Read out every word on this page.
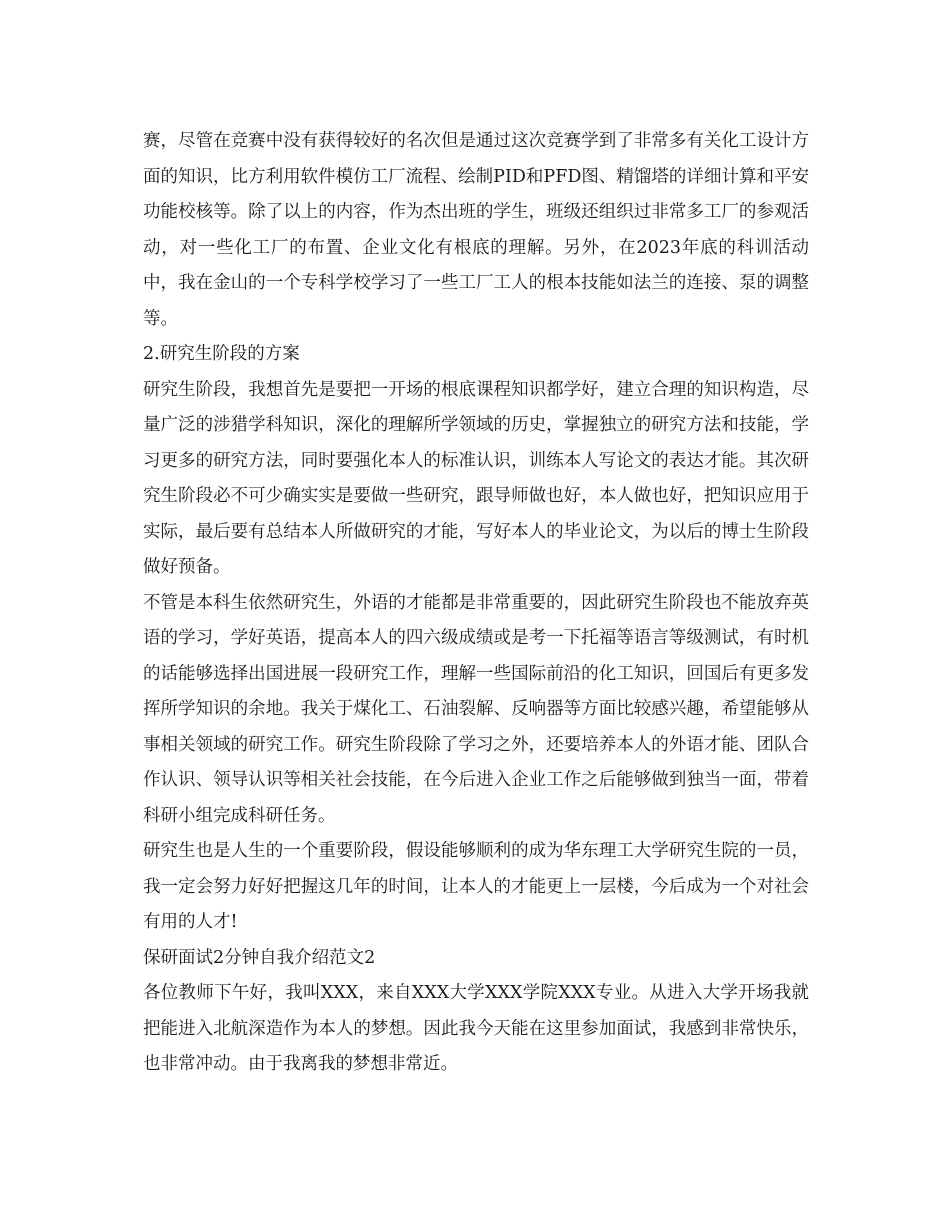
赛，尽管在竞赛中没有获得较好的名次但是通过这次竞赛学到了非常多有关化工设计方面的知识，比方利用软件模仿工厂流程、绘制PID和PFD图、精馏塔的详细计算和平安功能校核等。除了以上的内容，作为杰出班的学生，班级还组织过非常多工厂的参观活动，对一些化工厂的布置、企业文化有根底的理解。另外，在2023年底的科训活动中，我在金山的一个专科学校学习了一些工厂工人的根本技能如法兰的连接、泵的调整等。

2.研究生阶段的方案

研究生阶段，我想首先是要把一开场的根底课程知识都学好，建立合理的知识构造，尽量广泛的涉猎学科知识，深化的理解所学领域的历史，掌握独立的研究方法和技能，学习更多的研究方法，同时要强化本人的标准认识，训练本人写论文的表达才能。其次研究生阶段必不可少确实实是要做一些研究，跟导师做也好，本人做也好，把知识应用于实际，最后要有总结本人所做研究的才能，写好本人的毕业论文，为以后的博士生阶段做好预备。

不管是本科生依然研究生，外语的才能都是非常重要的，因此研究生阶段也不能放弃英语的学习，学好英语，提高本人的四六级成绩或是考一下托福等语言等级测试，有时机的话能够选择出国进展一段研究工作，理解一些国际前沿的化工知识，回国后有更多发挥所学知识的余地。我关于煤化工、石油裂解、反响器等方面比较感兴趣，希望能够从事相关领域的研究工作。研究生阶段除了学习之外，还要培养本人的外语才能、团队合作认识、领导认识等相关社会技能，在今后进入企业工作之后能够做到独当一面，带着科研小组完成科研任务。

研究生也是人生的一个重要阶段，假设能够顺利的成为华东理工大学研究生院的一员，我一定会努力好好把握这几年的时间，让本人的才能更上一层楼，今后成为一个对社会有用的人才!

保研面试2分钟自我介绍范文2

各位教师下午好，我叫XXX，来自XXX大学XXX学院XXX专业。从进入大学开场我就把能进入北航深造作为本人的梦想。因此我今天能在这里参加面试，我感到非常快乐，也非常冲动。由于我离我的梦想非常近。
